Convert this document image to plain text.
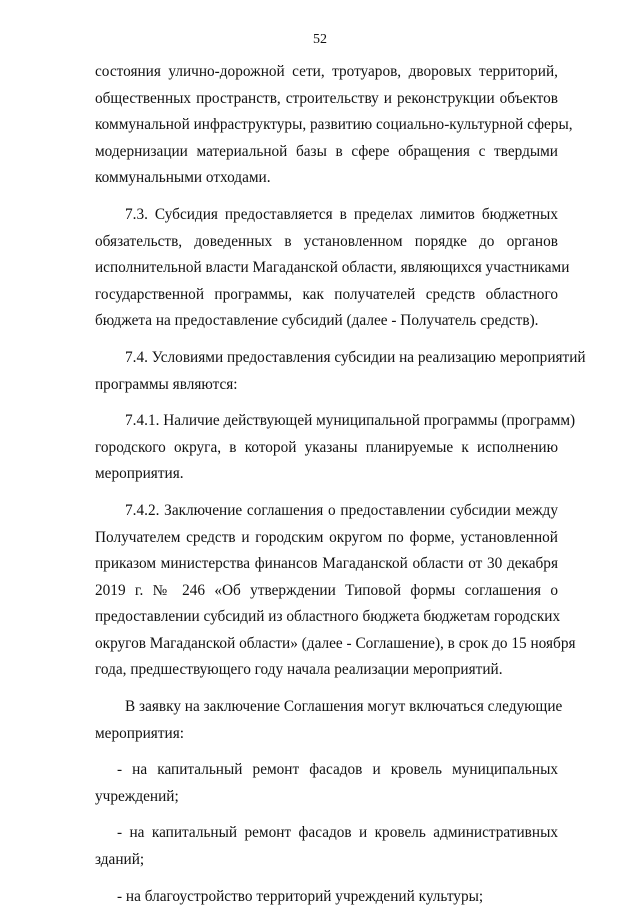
52
состояния улично-дорожной сети, тротуаров, дворовых территорий,
общественных пространств, строительству и реконструкции объектов
коммунальной инфраструктуры, развитию социально-культурной сферы,
модернизации материальной базы в сфере обращения с твердыми
коммунальными отходами.
7.3. Субсидия предоставляется в пределах лимитов бюджетных
обязательств, доведенных в установленном порядке до органов
исполнительной власти Магаданской области, являющихся участниками
государственной программы, как получателей средств областного
бюджета на предоставление субсидий (далее - Получатель средств).
7.4. Условиями предоставления субсидии на реализацию мероприятий
программы являются:
7.4.1. Наличие действующей муниципальной программы (программ)
городского округа, в которой указаны планируемые к исполнению
мероприятия.
7.4.2. Заключение соглашения о предоставлении субсидии между
Получателем средств и городским округом по форме, установленной
приказом министерства финансов Магаданской области от 30 декабря
2019 г. № 246 «Об утверждении Типовой формы соглашения о
предоставлении субсидий из областного бюджета бюджетам городских
округов Магаданской области» (далее - Соглашение), в срок до 15 ноября
года, предшествующего году начала реализации мероприятий.
В заявку на заключение Соглашения могут включаться следующие
мероприятия:
- на капитальный ремонт фасадов и кровель муниципальных
учреждений;
- на капитальный ремонт фасадов и кровель административных
зданий;
- на благоустройство территорий учреждений культуры;
